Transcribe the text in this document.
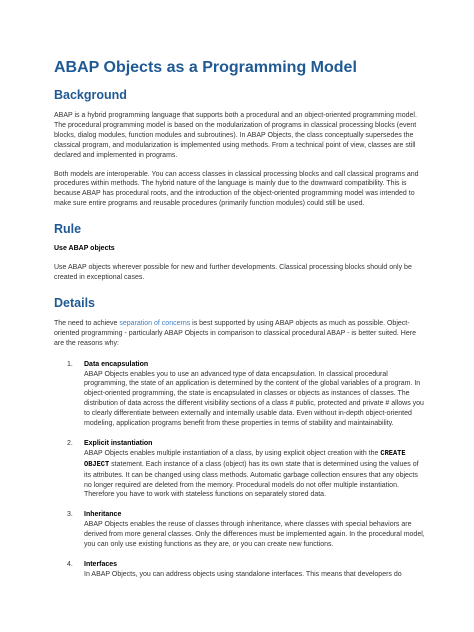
ABAP Objects as a Programming Model
Background

ABAP is a hybrid programming language that supports both a procedural and an object-oriented programming model. The procedural programming model is based on the modularization of programs in classical processing blocks (event blocks, dialog modules, function modules and subroutines). In ABAP Objects, the class conceptually supersedes the classical program, and modularization is implemented using methods. From a technical point of view, classes are still declared and implemented in programs.

Both models are interoperable. You can access classes in classical processing blocks and call classical programs and procedures within methods. The hybrid nature of the language is mainly due to the downward compatibility. This is because ABAP has procedural roots, and the introduction of the object-oriented programming model was intended to make sure entire programs and reusable procedures (primarily function modules) could still be used.

Rule
Use ABAP objects

Use ABAP objects wherever possible for new and further developments. Classical processing blocks should only be created in exceptional cases.

Details

The need to achieve separation of concerns is best supported by using ABAP objects as much as possible. Object-oriented programming - particularly ABAP Objects in comparison to classical procedural ABAP - is better suited. Here are the reasons why:

1. Data encapsulation

ABAP Objects enables you to use an advanced type of data encapsulation. In classical procedural programming, the state of an application is determined by the content of the global variables of a program. In object-oriented programming, the state is encapsulated in classes or objects as instances of classes. The distribution of data across the different visibility sections of a class # public, protected and private # allows you to clearly differentiate between externally and internally usable data. Even without in-depth object-oriented modeling, application programs benefit from these properties in terms of stability and maintainability.

2. Explicit instantiation

ABAP Objects enables multiple instantiation of a class, by using explicit object creation with the CREATE OBJECT statement. Each instance of a class (object) has its own state that is determined using the values of its attributes. It can be changed using class methods. Automatic garbage collection ensures that any objects no longer required are deleted from the memory. Procedural models do not offer multiple instantiation. Therefore you have to work with stateless functions on separately stored data.

3. Inheritance

ABAP Objects enables the reuse of classes through inheritance, where classes with special behaviors are derived from more general classes. Only the differences must be implemented again. In the procedural model, you can only use existing functions as they are, or you can create new functions.

4. Interfaces

In ABAP Objects, you can address objects using standalone interfaces. This means that developers do
